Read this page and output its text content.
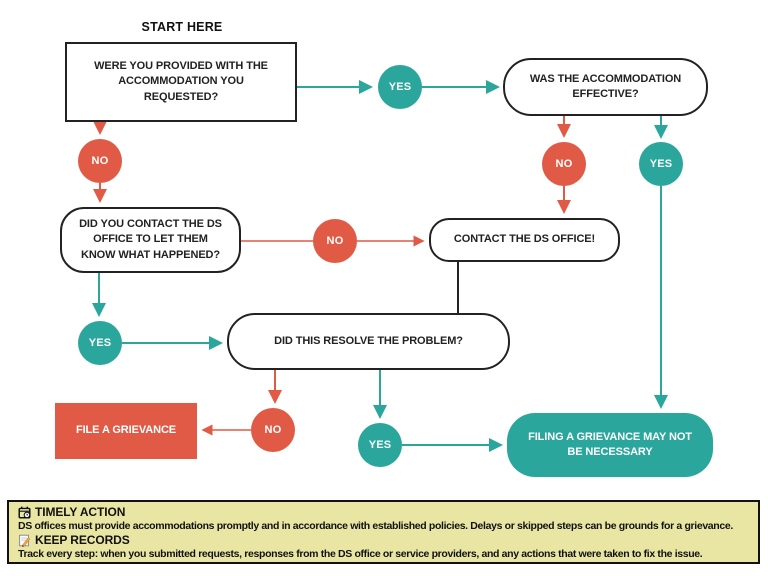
START HERE
WERE YOU PROVIDED WITH THE ACCOMMODATION YOU REQUESTED?
WAS THE ACCOMMODATION EFFECTIVE?
DID YOU CONTACT THE DS OFFICE TO LET THEM KNOW WHAT HAPPENED?
CONTACT THE DS OFFICE!
DID THIS RESOLVE THE PROBLEM?
FILE A GRIEVANCE
FILING A GRIEVANCE MAY NOT BE NECESSARY
YES
NO	NO	YES
NO
YES
NO
YES
TIMELY ACTION
DS offices must provide accommodations promptly and in accordance with established policies. Delays or skipped steps can be grounds for a grievance.
KEEP RECORDS
Track every step: when you submitted requests, responses from the DS office or service providers, and any actions that were taken to fix the issue.
